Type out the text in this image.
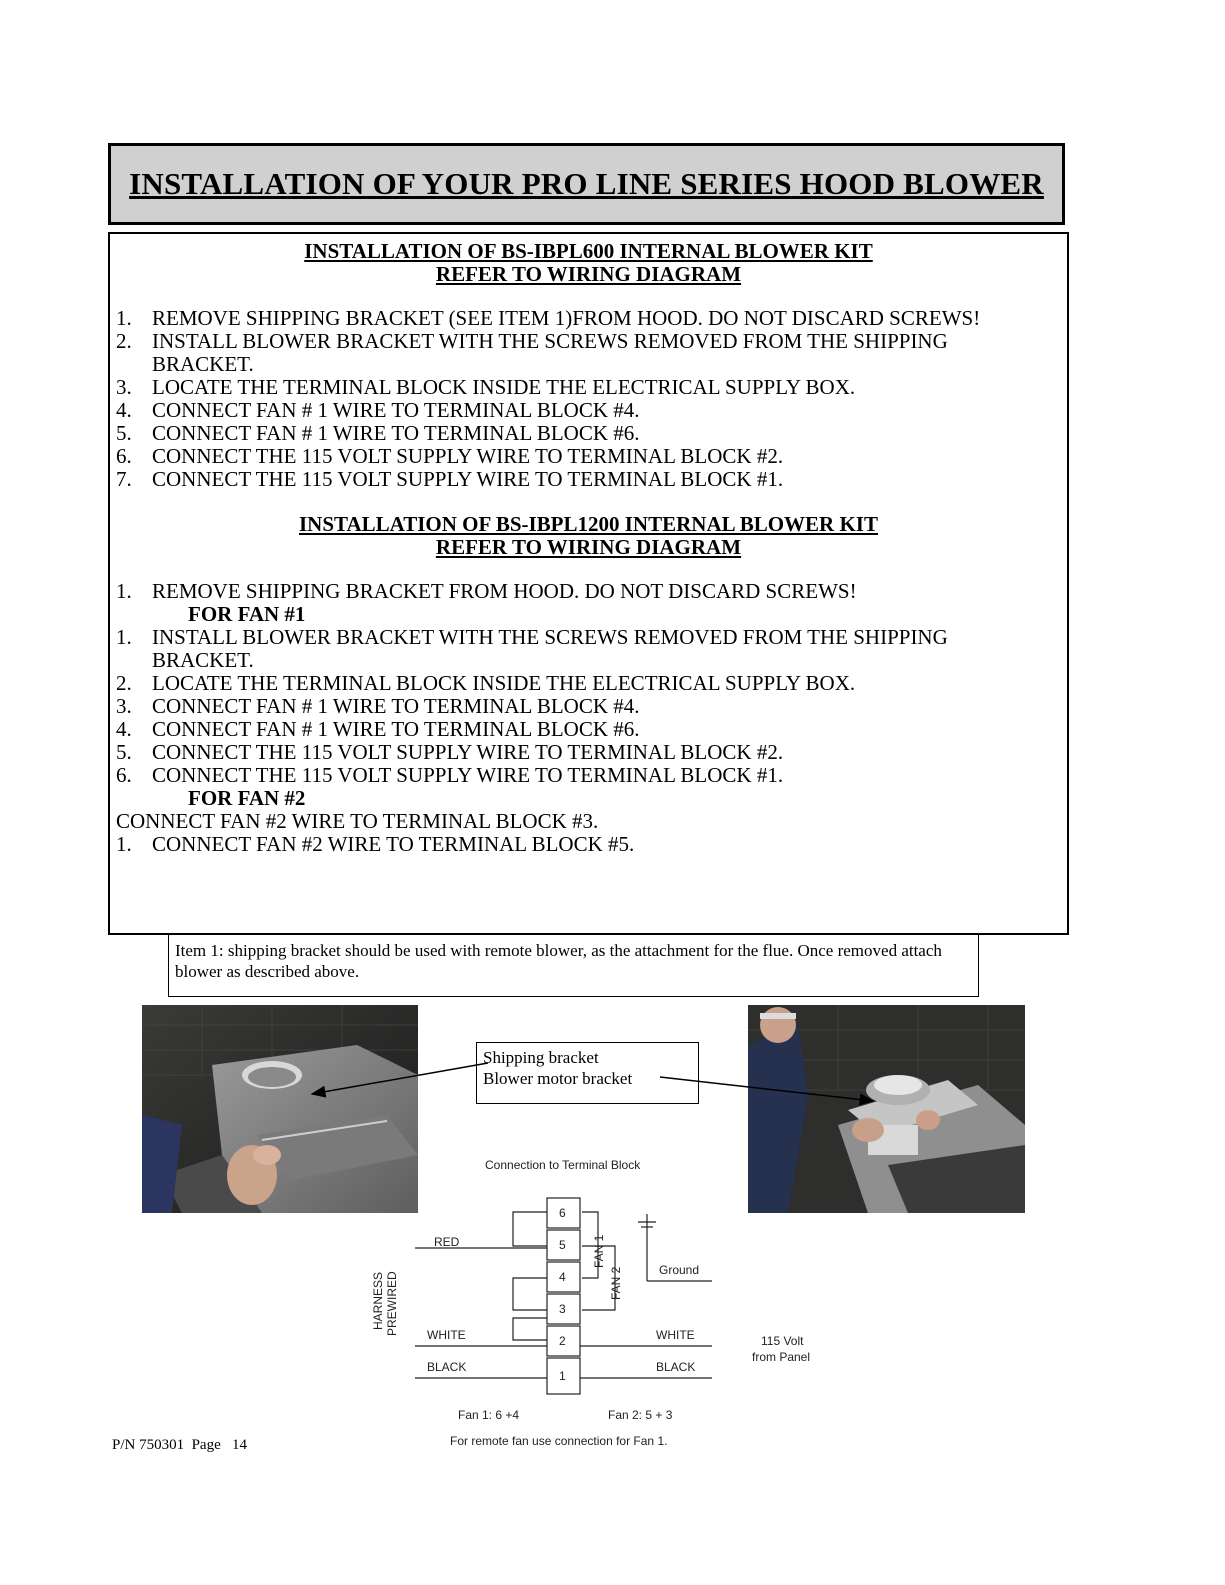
INSTALLATION OF YOUR PRO LINE SERIES HOOD BLOWER
INSTALLATION OF BS-IBPL600 INTERNAL BLOWER KIT
REFER TO WIRING DIAGRAM
1. REMOVE SHIPPING BRACKET (SEE ITEM 1)FROM HOOD. DO NOT DISCARD SCREWS!
2. INSTALL BLOWER BRACKET WITH THE SCREWS REMOVED FROM THE SHIPPING BRACKET.
3. LOCATE THE TERMINAL BLOCK INSIDE THE ELECTRICAL SUPPLY BOX.
4. CONNECT FAN # 1 WIRE TO TERMINAL BLOCK #4.
5. CONNECT FAN # 1 WIRE TO TERMINAL BLOCK #6.
6. CONNECT THE 115 VOLT SUPPLY WIRE TO TERMINAL BLOCK #2.
7. CONNECT THE 115 VOLT SUPPLY WIRE TO TERMINAL BLOCK #1.
INSTALLATION OF BS-IBPL1200 INTERNAL BLOWER KIT
REFER TO WIRING DIAGRAM
1. REMOVE SHIPPING BRACKET FROM HOOD. DO NOT DISCARD SCREWS!
FOR FAN #1
1. INSTALL BLOWER BRACKET WITH THE SCREWS REMOVED FROM THE SHIPPING BRACKET.
2. LOCATE THE TERMINAL BLOCK INSIDE THE ELECTRICAL SUPPLY BOX.
3. CONNECT FAN # 1 WIRE TO TERMINAL BLOCK #4.
4. CONNECT FAN # 1 WIRE TO TERMINAL BLOCK #6.
5. CONNECT THE 115 VOLT SUPPLY WIRE TO TERMINAL BLOCK #2.
6. CONNECT THE 115 VOLT SUPPLY WIRE TO TERMINAL BLOCK #1.
FOR FAN #2
CONNECT FAN #2 WIRE TO TERMINAL BLOCK #3.
1. CONNECT FAN #2 WIRE TO TERMINAL BLOCK #5.
Item 1: shipping bracket should be used with remote blower, as the attachment for the flue. Once removed attach blower as described above.
Shipping bracket
Blower motor bracket
Connection to Terminal Block
6
5
4
3
2
1
FAN 1
FAN 2	Ground
HARNESS PREWIRED
RED
WHITE
BLACK
WHITE
BLACK
115 Volt
from Panel
Fan 1: 6 +4	Fan 2: 5 + 3
For remote fan use connection for Fan 1.
P/N 750301  Page   14
